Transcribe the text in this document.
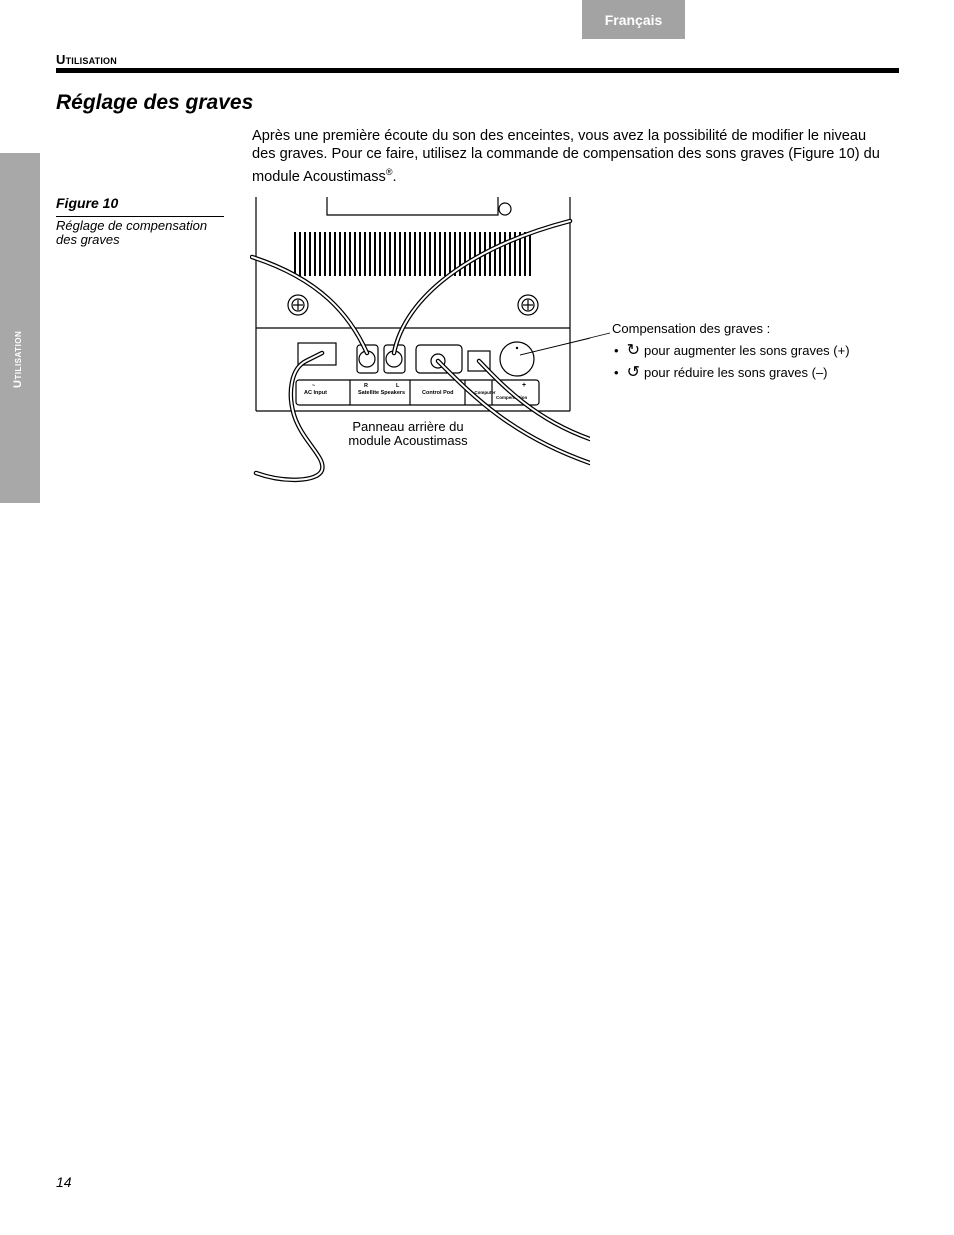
Français
Utilisation
Utilisation
Réglage des graves

Après une première écoute du son des enceintes, vous avez la possibilité de modifier le niveau des graves. Pour ce faire, utilisez la commande de compensation des sons graves (Figure 10) du module Acoustimass®.

Figure 10
Réglage de compensation des graves
~
AC Input
R	L
Satellite Speakers	Control Pod	To Computer
+
Compensation
Compensation des graves :
• ↻ pour augmenter les sons graves (+)
• ↺ pour réduire les sons graves (–)
Panneau arrière du module Acoustimass
14
